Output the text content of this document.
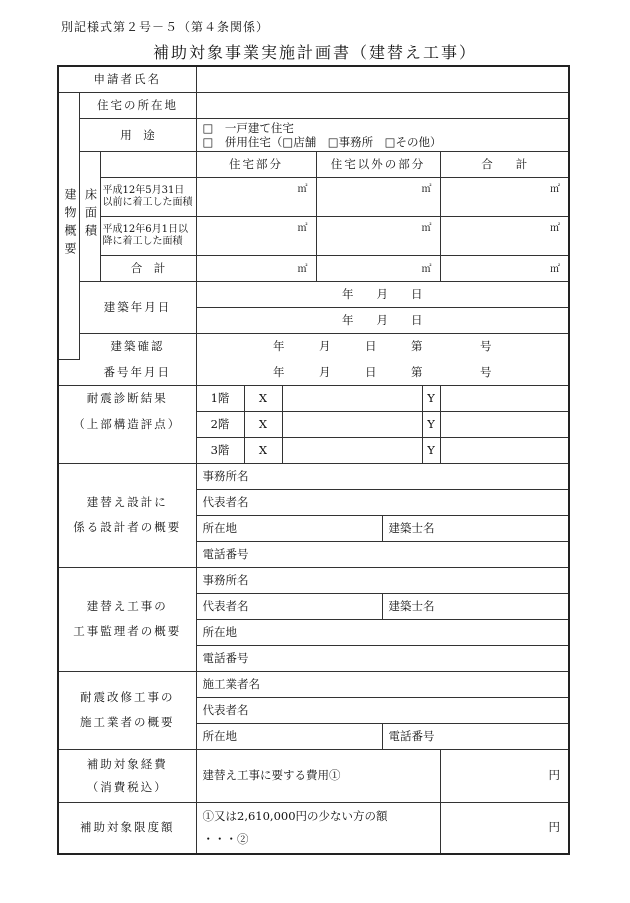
別記様式第２号－５（第４条関係）
補助対象事業実施計画書（建替え工事）
申請者氏名									
建物概要	住宅の所在地								
	用　途		□　一戸建て住宅
□　併用住宅（□店舗　□事務所　□その他）						

	床面積		住宅部分			住宅以外の部分			合　　計
		平成12年5月31日以前に着工した面積	㎡			㎡			㎡
		平成12年6月1日以降に着工した面積	㎡			㎡			㎡
		合　計	㎡			㎡			㎡
	建築年月日		年　　月　　日						
			年　　月　　日						
	建築確認		年　　　月　　　日　　　第　　　　　号						
	番号年月日		年　　　月　　　日　　　第　　　　　号						
耐震診断結果			1階	X				Y	
（上部構造評点）			2階	X				Y	
			3階	X				Y	

建替え設計に
係る設計者の概要			事務所名						
			代表者名						
			所在地				建築士名		
			電話番号						

建替え工事の
工事監理者の概要			事務所名						
			代表者名				建築士名		
			所在地						
			電話番号						

耐震改修工事の
施工業者の概要			施工業者名						
			代表者名						
			所在地				電話番号		

補助対象経費
（消費税込）			建替え工事に要する費用①						円
補助対象限度額			①又は2,610,000円の少ない方の額
・・・②						円
